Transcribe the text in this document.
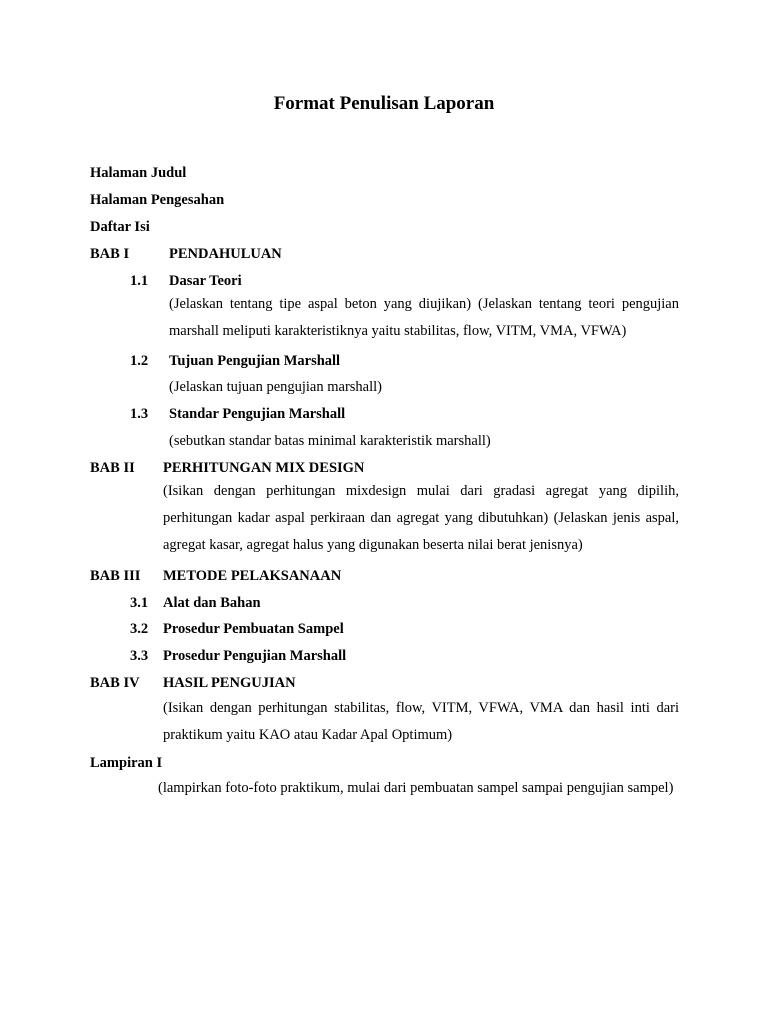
Format Penulisan Laporan
Halaman Judul
Halaman Pengesahan
Daftar Isi
BAB I	PENDAHULUAN
1.1 Dasar Teori
(Jelaskan tentang tipe aspal beton yang diujikan) (Jelaskan tentang teori pengujian marshall meliputi karakteristiknya yaitu stabilitas, flow, VITM, VMA, VFWA)
1.2 Tujuan Pengujian Marshall
(Jelaskan tujuan pengujian marshall)
1.3 Standar Pengujian Marshall
(sebutkan standar batas minimal karakteristik marshall)
BAB II PERHITUNGAN MIX DESIGN
(Isikan dengan perhitungan mixdesign mulai dari gradasi agregat yang dipilih, perhitungan kadar aspal perkiraan dan agregat yang dibutuhkan) (Jelaskan jenis aspal, agregat kasar, agregat halus yang digunakan beserta nilai berat jenisnya)
BAB III METODE PELAKSANAAN
3.1 Alat dan Bahan
3.2 Prosedur Pembuatan Sampel
3.3 Prosedur Pengujian Marshall
BAB IV HASIL PENGUJIAN
(Isikan dengan perhitungan stabilitas, flow, VITM, VFWA, VMA dan hasil inti dari praktikum yaitu KAO atau Kadar Apal Optimum)
Lampiran I
(lampirkan foto-foto praktikum, mulai dari pembuatan sampel sampai pengujian sampel)
